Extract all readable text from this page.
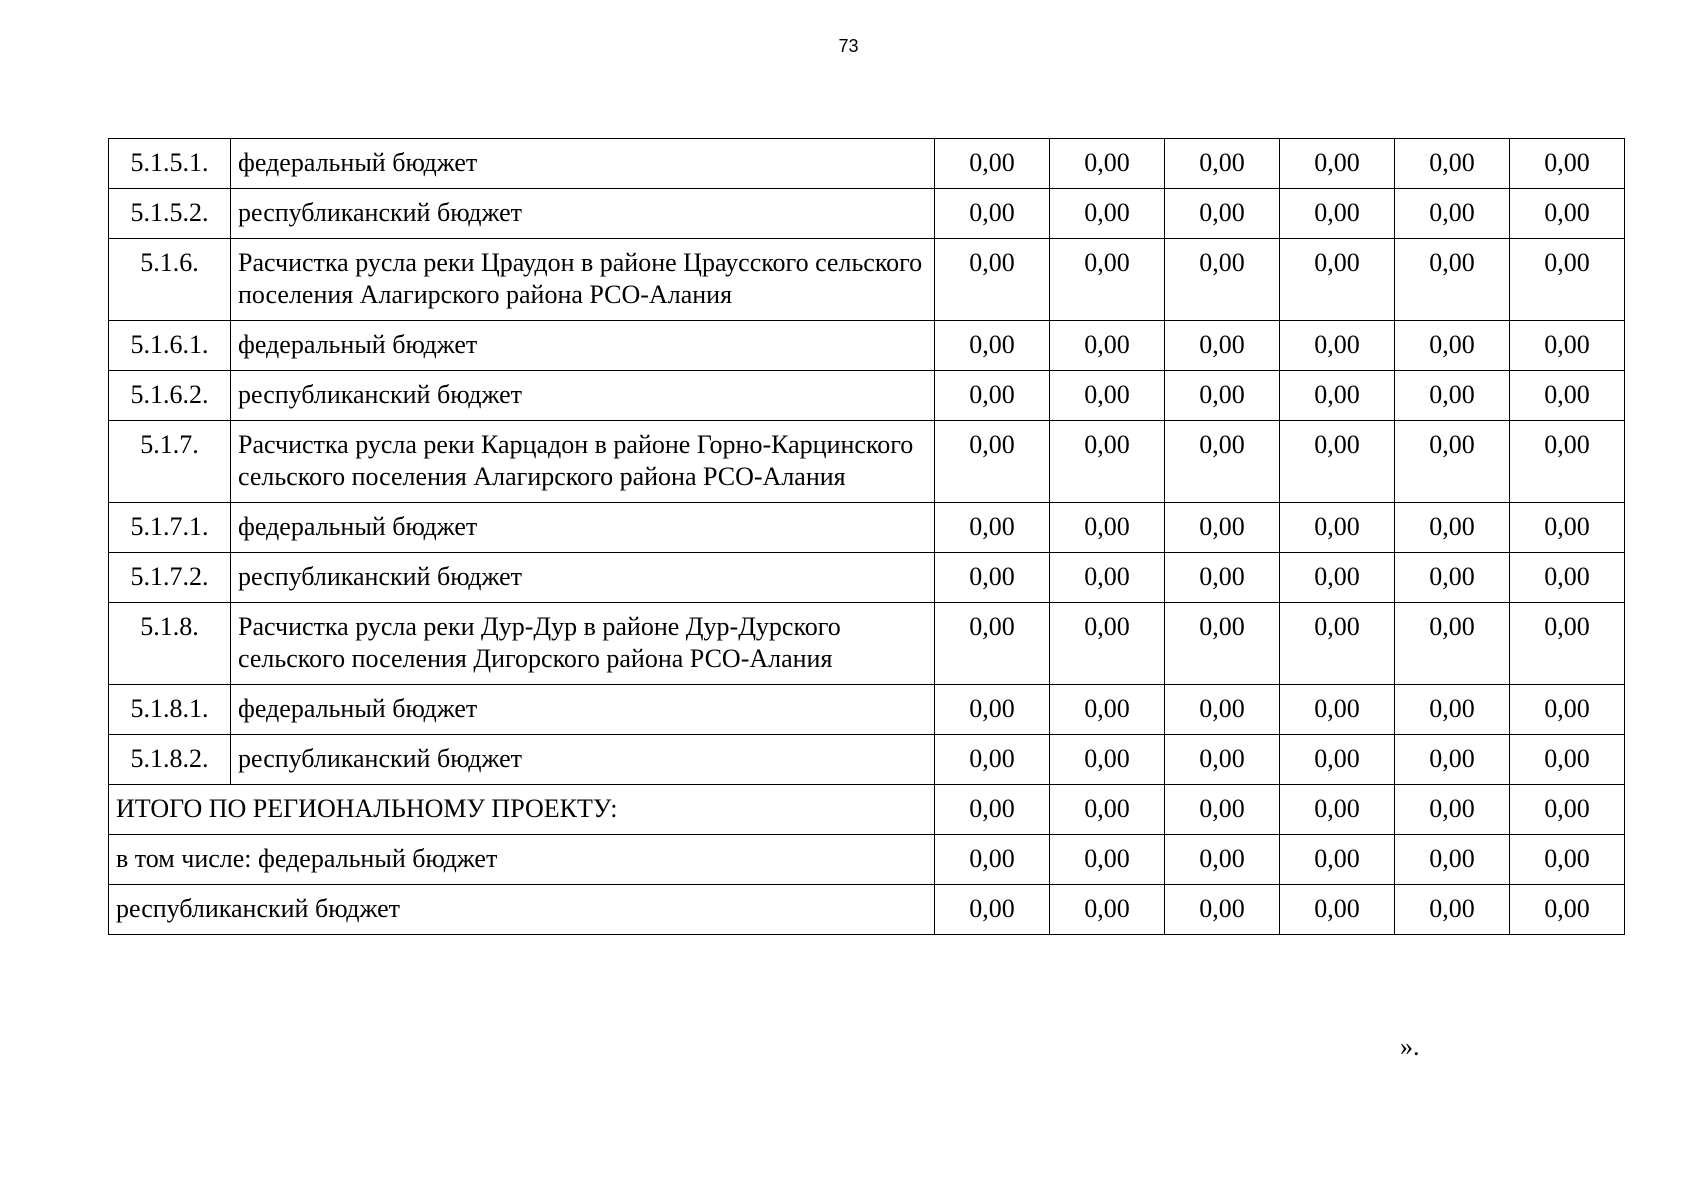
73
5.1.5.1.	федеральный бюджет	0,00	0,00	0,00	0,00	0,00	0,00
5.1.5.2.	республиканский бюджет	0,00	0,00	0,00	0,00	0,00	0,00
5.1.6.	Расчистка русла реки Цраудон в районе Цраусского сельского поселения Алагирского района РСО-Алания	0,00	0,00	0,00	0,00	0,00	0,00
5.1.6.1.	федеральный бюджет	0,00	0,00	0,00	0,00	0,00	0,00
5.1.6.2.	республиканский бюджет	0,00	0,00	0,00	0,00	0,00	0,00
5.1.7.	Расчистка русла реки Карцадон в районе Горно-Карцинского сельского поселения Алагирского района РСО-Алания	0,00	0,00	0,00	0,00	0,00	0,00
5.1.7.1.	федеральный бюджет	0,00	0,00	0,00	0,00	0,00	0,00
5.1.7.2.	республиканский бюджет	0,00	0,00	0,00	0,00	0,00	0,00
5.1.8.	Расчистка русла реки Дур-Дур в районе Дур-Дурского сельского поселения Дигорского района РСО-Алания	0,00	0,00	0,00	0,00	0,00	0,00
5.1.8.1.	федеральный бюджет	0,00	0,00	0,00	0,00	0,00	0,00
5.1.8.2.	республиканский бюджет	0,00	0,00	0,00	0,00	0,00	0,00
ИТОГО ПО РЕГИОНАЛЬНОМУ ПРОЕКТУ:		0,00	0,00	0,00	0,00	0,00	0,00
в том числе: федеральный бюджет		0,00	0,00	0,00	0,00	0,00	0,00
республиканский бюджет		0,00	0,00	0,00	0,00	0,00	0,00
».
